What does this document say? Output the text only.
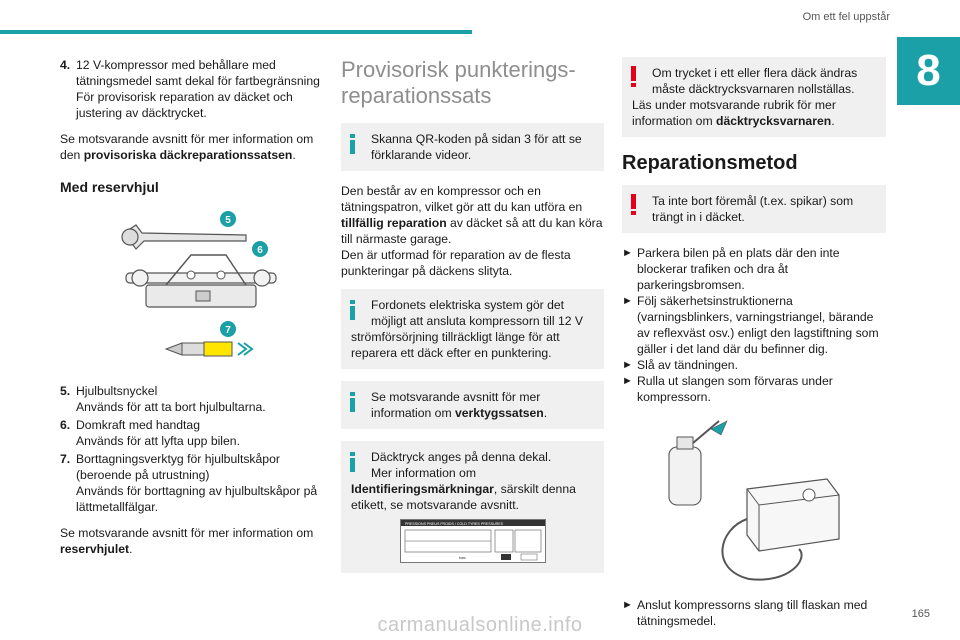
Om ett fel uppstår
8
4. 12 V-kompressor med behållare med tätningsmedel samt dekal för fartbegränsning
För provisorisk reparation av däcket och justering av däcktrycket.

Se motsvarande avsnitt för mer information om den provisoriska däckreparationssatsen.

Med reservhjul
5
6
7
5. Hjulbultsnyckel
Används för att ta bort hjulbultarna.
6. Domkraft med handtag
Används för att lyfta upp bilen.
7. Borttagningsverktyg för hjulbultskåpor (beroende på utrustning)
Används för borttagning av hjulbultskåpor på lättmetallfälgar.

Se motsvarande avsnitt för mer information om reservhjulet.

Provisorisk punkterings-reparationssats
Skanna QR-koden på sidan 3 för att se förklarande videor.

Den består av en kompressor och en tätningspatron, vilket gör att du kan utföra en tillfällig reparation av däcket så att du kan köra till närmaste garage.
Den är utformad för reparation av de flesta punkteringar på däckens slityta.

Fordonets elektriska system gör det möjligt att ansluta kompressorn till 12 V
strömförsörjning tillräckligt länge för att reparera ett däck efter en punktering.
Se motsvarande avsnitt för mer information om verktygssatsen.
Däcktryck anges på denna dekal.
Mer information om
Identifieringsmärkningar, särskilt denna etikett, se motsvarande avsnitt.
PRESSIONS PNEUS FROIDS / COLD TYRES PRESSURES
bars
Om trycket i ett eller flera däck ändras måste däcktrycksvarnaren nollställas.
Läs under motsvarande rubrik för mer information om däcktrycksvarnaren.
Reparationsmetod
Ta inte bort föremål (t.ex. spikar) som trängt in i däcket.
► Parkera bilen på en plats där den inte blockerar trafiken och dra åt parkeringsbromsen.
► Följ säkerhetsinstruktionerna (varningsblinkers, varningstriangel, bärande av reflexväst osv.) enligt den lagstiftning som gäller i det land där du befinner dig.
► Slå av tändningen.
► Rulla ut slangen som förvaras under kompressorn.
► Anslut kompressorns slang till flaskan med tätningsmedel.	165
carmanualsonline.info
